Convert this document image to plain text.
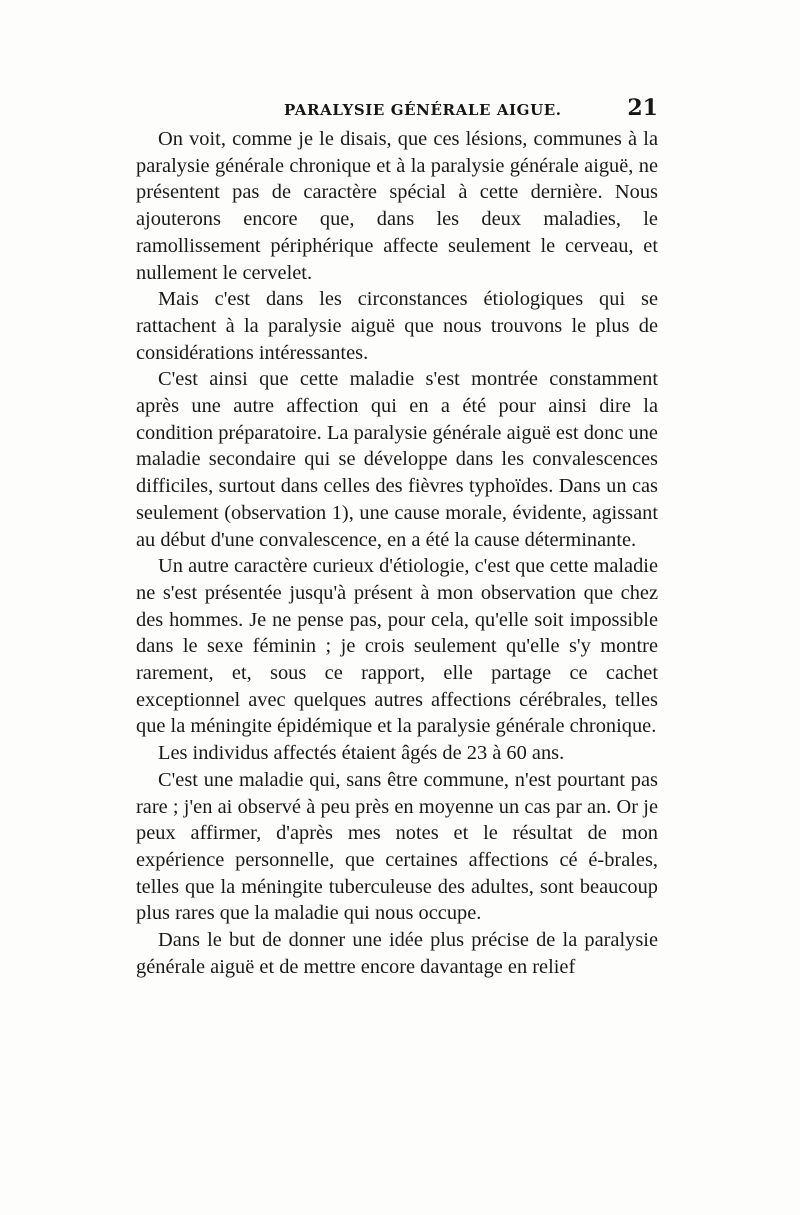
PARALYSIE GÉNÉRALE AIGUE.	21

On voit, comme je le disais, que ces lésions, communes à la paralysie générale chronique et à la paralysie générale aiguë, ne présentent pas de caractère spécial à cette dernière. Nous ajouterons encore que, dans les deux maladies, le ramollissement périphérique affecte seulement le cerveau, et nullement le cervelet.

Mais c'est dans les circonstances étiologiques qui se rattachent à la paralysie aiguë que nous trouvons le plus de considérations intéressantes.

C'est ainsi que cette maladie s'est montrée constamment après une autre affection qui en a été pour ainsi dire la condition préparatoire. La paralysie générale aiguë est donc une maladie secondaire qui se développe dans les convalescences difficiles, surtout dans celles des fièvres typhoïdes. Dans un cas seulement (observation 1), une cause morale, évidente, agissant au début d'une convalescence, en a été la cause déterminante.

Un autre caractère curieux d'étiologie, c'est que cette maladie ne s'est présentée jusqu'à présent à mon observation que chez des hommes. Je ne pense pas, pour cela, qu'elle soit impossible dans le sexe féminin ; je crois seulement qu'elle s'y montre rarement, et, sous ce rapport, elle partage ce cachet exceptionnel avec quelques autres affections cérébrales, telles que la méningite épidémique et la paralysie générale chronique.

Les individus affectés étaient âgés de 23 à 60 ans.

C'est une maladie qui, sans être commune, n'est pourtant pas rare ; j'en ai observé à peu près en moyenne un cas par an. Or je peux affirmer, d'après mes notes et le résultat de mon expérience personnelle, que certaines affections cé é-brales, telles que la méningite tuberculeuse des adultes, sont beaucoup plus rares que la maladie qui nous occupe.

Dans le but de donner une idée plus précise de la paralysie générale aiguë et de mettre encore davantage en relief
